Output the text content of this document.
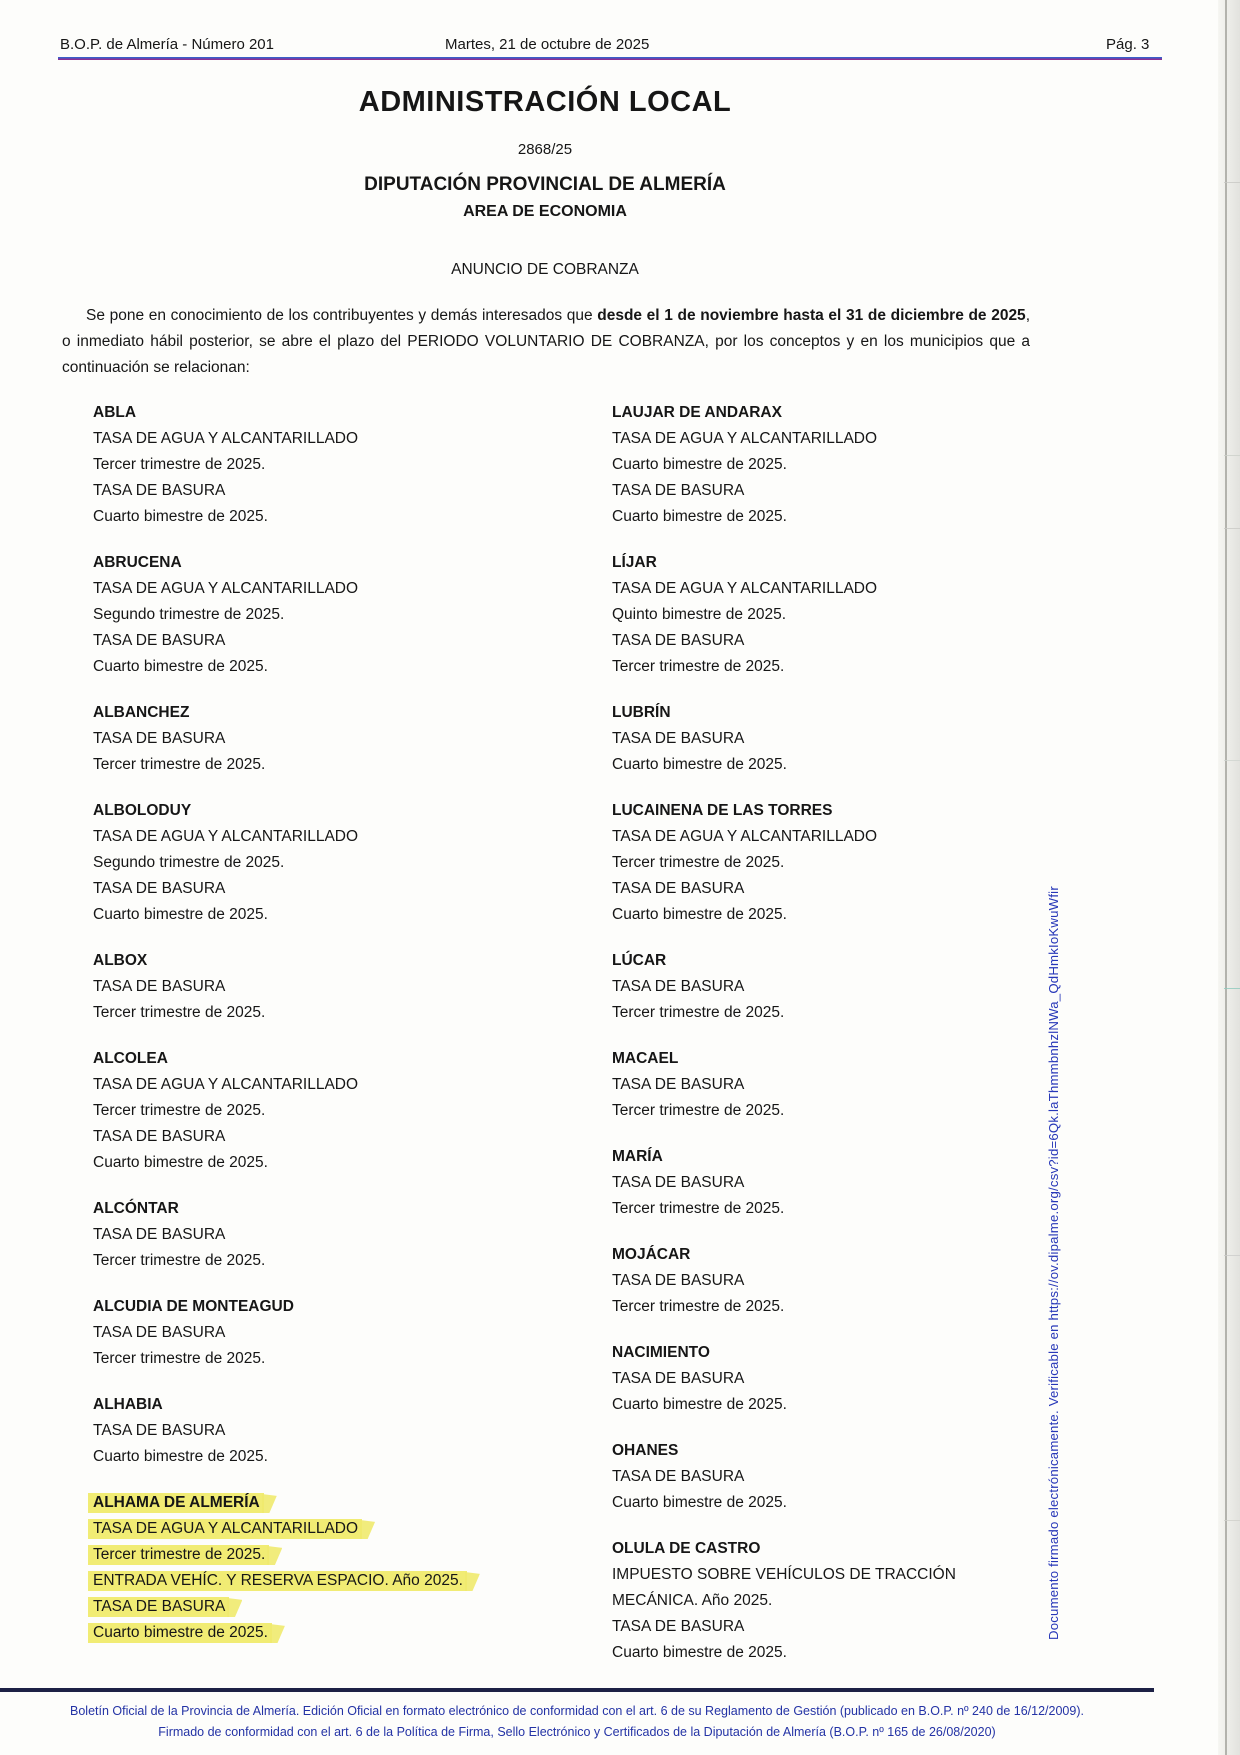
B.O.P. de Almería - Número 201	Martes, 21 de octubre de 2025	Pág. 3
ADMINISTRACIÓN LOCAL
2868/25
DIPUTACIÓN PROVINCIAL DE ALMERÍA
AREA DE ECONOMIA
ANUNCIO DE COBRANZA

Se pone en conocimiento de los contribuyentes y demás interesados que desde el 1 de noviembre hasta el 31 de diciembre de 2025, o inmediato hábil posterior, se abre el plazo del PERIODO VOLUNTARIO DE COBRANZA, por los conceptos y en los municipios que a continuación se relacionan:

ABLA
TASA DE AGUA Y ALCANTARILLADO
Tercer trimestre de 2025.
TASA DE BASURA
Cuarto bimestre de 2025.
ABRUCENA
TASA DE AGUA Y ALCANTARILLADO
Segundo trimestre de 2025.
TASA DE BASURA
Cuarto bimestre de 2025.
ALBANCHEZ
TASA DE BASURA
Tercer trimestre de 2025.
ALBOLODUY
TASA DE AGUA Y ALCANTARILLADO
Segundo trimestre de 2025.
TASA DE BASURA
Cuarto bimestre de 2025.
ALBOX
TASA DE BASURA
Tercer trimestre de 2025.
ALCOLEA
TASA DE AGUA Y ALCANTARILLADO
Tercer trimestre de 2025.
TASA DE BASURA
Cuarto bimestre de 2025.
ALCÓNTAR
TASA DE BASURA
Tercer trimestre de 2025.
ALCUDIA DE MONTEAGUD
TASA DE BASURA
Tercer trimestre de 2025.
ALHABIA
TASA DE BASURA
Cuarto bimestre de 2025.
ALHAMA DE ALMERÍA
TASA DE AGUA Y ALCANTARILLADO
Tercer trimestre de 2025.
ENTRADA VEHÍC. Y RESERVA ESPACIO. Año 2025.
TASA DE BASURA
Cuarto bimestre de 2025.
LAUJAR DE ANDARAX
TASA DE AGUA Y ALCANTARILLADO
Cuarto bimestre de 2025.
TASA DE BASURA
Cuarto bimestre de 2025.
LÍJAR
TASA DE AGUA Y ALCANTARILLADO
Quinto bimestre de 2025.
TASA DE BASURA
Tercer trimestre de 2025.
LUBRÍN
TASA DE BASURA
Cuarto bimestre de 2025.
LUCAINENA DE LAS TORRES
TASA DE AGUA Y ALCANTARILLADO
Tercer trimestre de 2025.
TASA DE BASURA
Cuarto bimestre de 2025.
LÚCAR
TASA DE BASURA
Tercer trimestre de 2025.
MACAEL
TASA DE BASURA
Tercer trimestre de 2025.
MARÍA
TASA DE BASURA
Tercer trimestre de 2025.
MOJÁCAR
TASA DE BASURA
Tercer trimestre de 2025.
NACIMIENTO
TASA DE BASURA
Cuarto bimestre de 2025.
OHANES
TASA DE BASURA
Cuarto bimestre de 2025.
OLULA DE CASTRO
IMPUESTO SOBRE VEHÍCULOS DE TRACCIÓN MECÁNICA. Año 2025.
TASA DE BASURA
Cuarto bimestre de 2025.
Boletín Oficial de la Provincia de Almería. Edición Oficial en formato electrónico de conformidad con el art. 6 de su Reglamento de Gestión (publicado en B.O.P. nº 240 de 16/12/2009).
Firmado de conformidad con el art. 6 de la Política de Firma, Sello Electrónico y Certificados de la Diputación de Almería (B.O.P. nº 165 de 26/08/2020)
Documento firmado electrónicamente. Verificable en https://ov.dipalme.org/csv?id=6Qk.laThmmbnhzlNWa_QdHmkIoKwuWfir
